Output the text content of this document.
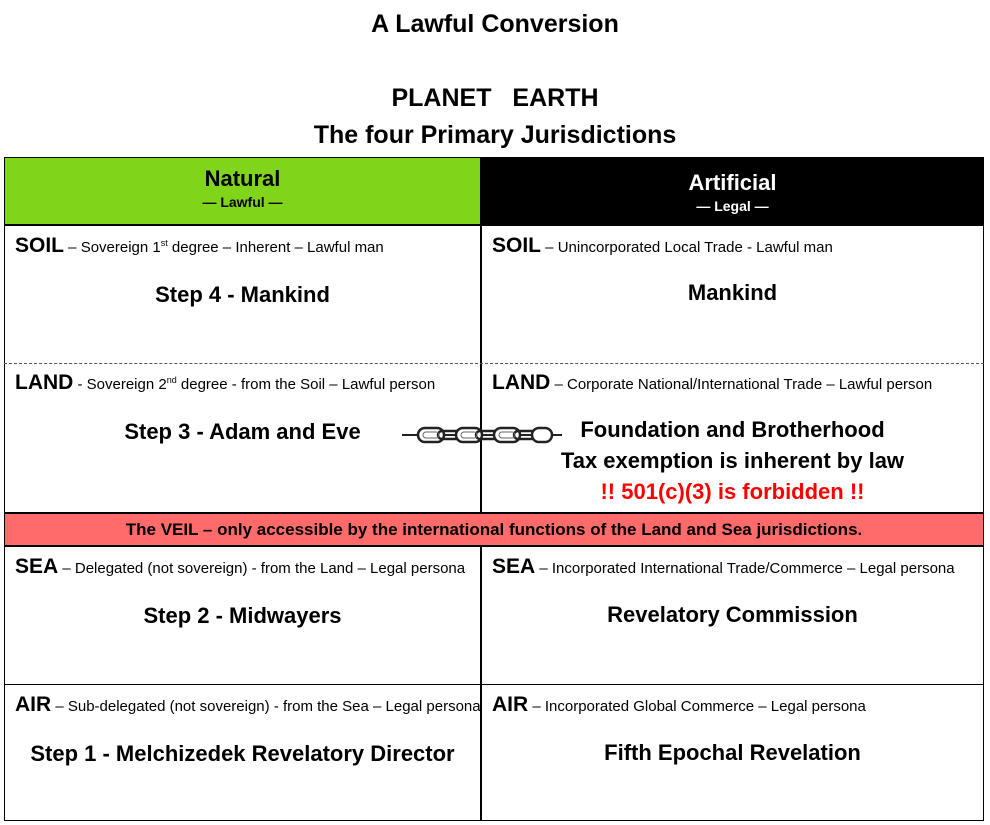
A Lawful Conversion
PLANET EARTH
The four Primary Jurisdictions
Natural
— Lawful —
Artificial
— Legal —
SOIL – Sovereign 1st degree – Inherent – Lawful man
Step 4 - Mankind
SOIL – Unincorporated Local Trade - Lawful man
Mankind
LAND - Sovereign 2nd degree - from the Soil – Lawful person
Step 3 - Adam and Eve
LAND – Corporate National/International Trade – Lawful person
Foundation and Brotherhood
Tax exemption is inherent by law
!! 501(c)(3) is forbidden !!
The VEIL – only accessible by the international functions of the Land and Sea jurisdictions.
SEA – Delegated (not sovereign) - from the Land – Legal persona
Step 2 - Midwayers
SEA – Incorporated International Trade/Commerce – Legal persona
Revelatory Commission
AIR – Sub-delegated (not sovereign) - from the Sea – Legal persona
Step 1 - Melchizedek Revelatory Director
AIR – Incorporated Global Commerce – Legal persona
Fifth Epochal Revelation
